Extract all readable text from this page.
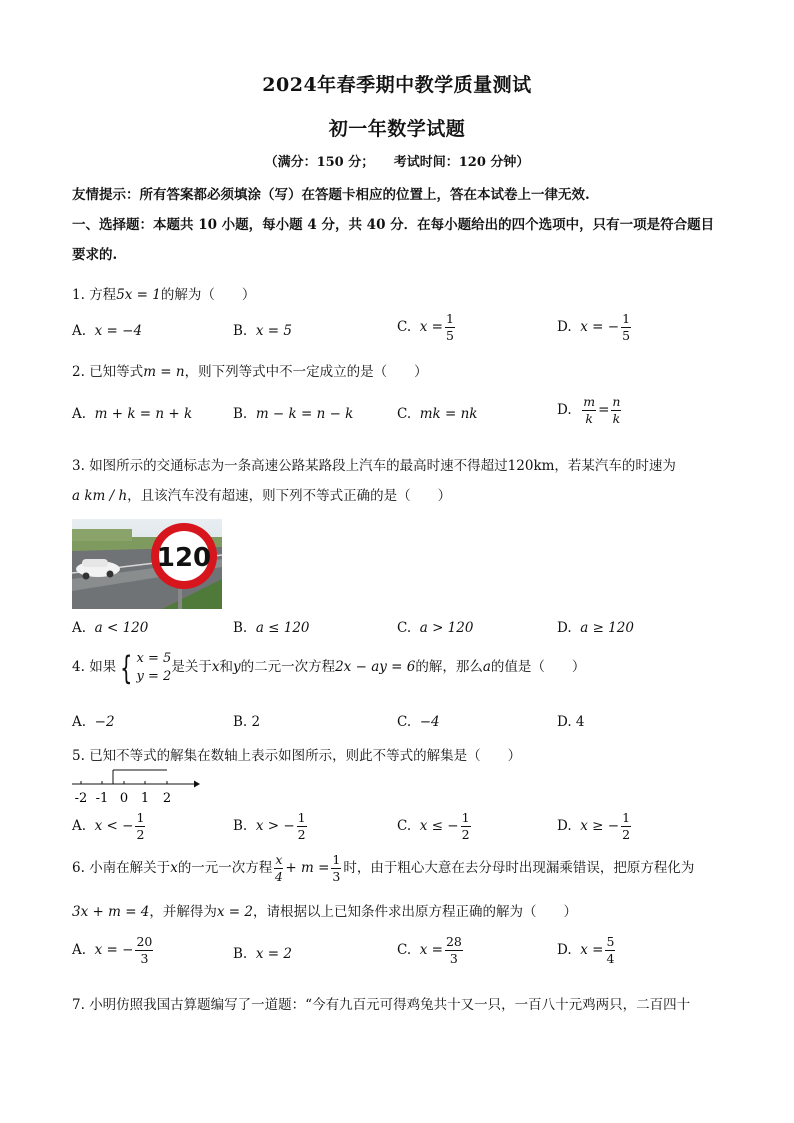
2024年春季期中教学质量测试
初一年数学试题
（满分：150 分；　　考试时间：120 分钟）
友情提示：所有答案都必须填涂（写）在答题卡相应的位置上，答在本试卷上一律无效.
一、选择题：本题共 10 小题，每小题 4 分，共 40 分．在每小题给出的四个选项中，只有一项是符合题目
要求的.
1. 方程5x = 1的解为（　　）
A. x = −4	B. x = 5	C. $x = \frac{1}{5}$	D. x = − $\frac{1}{5}$
2. 已知等式m = n，则下列等式中不一定成立的是（　　）
A. m + k = n + k	B. m − k = n − k	C. mk = nk	D. $\frac{m}{k} = \frac{n}{k}$
3. 如图所示的交通标志为一条高速公路某路段上汽车的最高时速不得超过120km，若某汽车的时速为
a km / h，且该汽车没有超速，则下列不等式正确的是（　　）
120
A. a < 120	B. a ≤ 120	C. a > 120	D. a ≥ 120
4. 如果 { x = 5
y = 2是关于x和y的二元一次方程2x − ay = 6的解，那么a的值是（　　）
A. −2	B. 2	C. −4	D. 4
5. 已知不等式的解集在数轴上表示如图所示，则此不等式的解集是（　　）
-2 -1 0 1 2
A. x < − $\frac{1}{2}$	B. x > − $\frac{1}{2}$	C. x ≤ − $\frac{1}{2}$	D. x ≥ − $\frac{1}{2}$
6. 小南在解关于x的一元一次方程 $\frac{x}{4} + m = \frac{1}{3}$ 时，由于粗心大意在去分母时出现漏乘错误，把原方程化为
3x + m = 4，并解得为x = 2，请根据以上已知条件求出原方程正确的解为（　　）
A. x = − $\frac{20}{3}$	B. x = 2	C. $x = \frac{28}{3}$	D. $x = \frac{5}{4}$
7. 小明仿照我国古算题编写了一道题：“今有九百元可得鸡兔共十又一只，一百八十元鸡两只，二百四十
